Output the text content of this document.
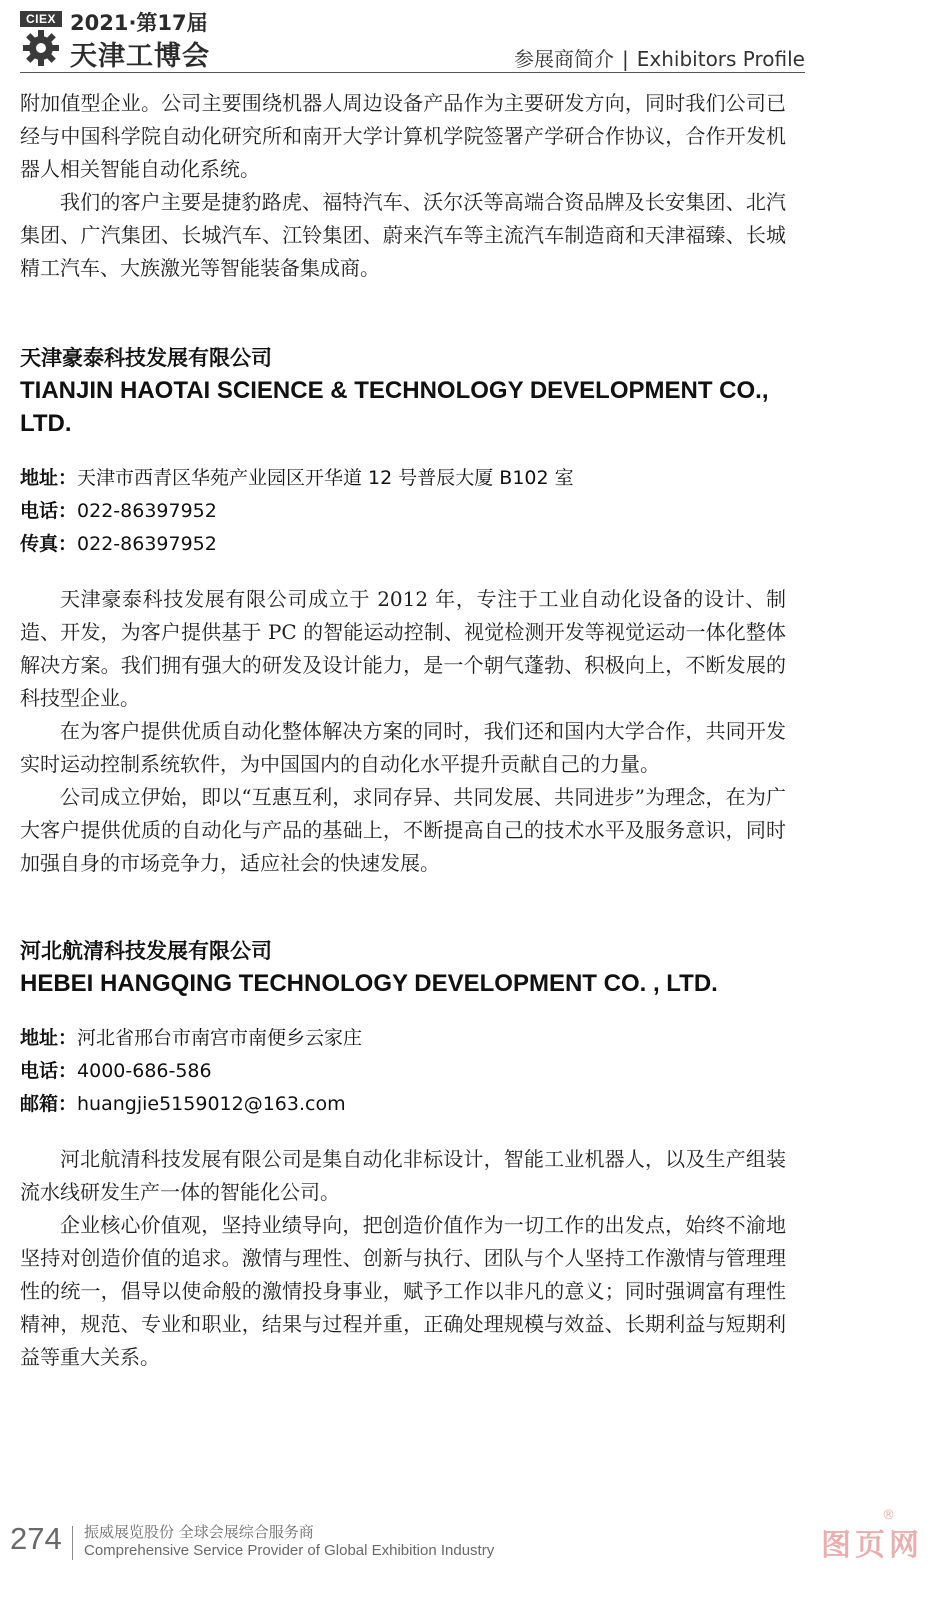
CIEX 2021·第17届
天津工博会	参展商简介 | Exhibitors Profile

附加值型企业。公司主要围绕机器人周边设备产品作为主要研发方向，同时我们公司已经与中国科学院自动化研究所和南开大学计算机学院签署产学研合作协议，合作开发机器人相关智能自动化系统。

我们的客户主要是捷豹路虎、福特汽车、沃尔沃等高端合资品牌及长安集团、北汽集团、广汽集团、长城汽车、江铃集团、蔚来汽车等主流汽车制造商和天津福臻、长城精工汽车、大族激光等智能装备集成商。

天津豪泰科技发展有限公司
TIANJIN HAOTAI SCIENCE & TECHNOLOGY DEVELOPMENT CO., LTD.
地址：天津市西青区华苑产业园区开华道 12 号普辰大厦 B102 室
电话：022-86397952
传真：022-86397952

天津豪泰科技发展有限公司成立于 2012 年，专注于工业自动化设备的设计、制造、开发，为客户提供基于 PC 的智能运动控制、视觉检测开发等视觉运动一体化整体解决方案。我们拥有强大的研发及设计能力，是一个朝气蓬勃、积极向上，不断发展的科技型企业。

在为客户提供优质自动化整体解决方案的同时，我们还和国内大学合作，共同开发实时运动控制系统软件，为中国国内的自动化水平提升贡献自己的力量。

公司成立伊始，即以“互惠互利，求同存异、共同发展、共同进步”为理念，在为广大客户提供优质的自动化与产品的基础上，不断提高自己的技术水平及服务意识，同时加强自身的市场竞争力，适应社会的快速发展。

河北航清科技发展有限公司
HEBEI HANGQING TECHNOLOGY DEVELOPMENT CO. , LTD.
地址：河北省邢台市南宫市南便乡云家庄
电话：4000-686-586
邮箱：huangjie5159012@163.com

河北航清科技发展有限公司是集自动化非标设计，智能工业机器人，以及生产组装流水线研发生产一体的智能化公司。

企业核心价值观，坚持业绩导向，把创造价值作为一切工作的出发点，始终不渝地坚持对创造价值的追求。激情与理性、创新与执行、团队与个人坚持工作激情与管理理性的统一，倡导以使命般的激情投身事业，赋予工作以非凡的意义；同时强调富有理性精神，规范、专业和职业，结果与过程并重，正确处理规模与效益、长期利益与短期利益等重大关系。

274 振威展览股份 全球会展综合服务商
Comprehensive Service Provider of Global Exhibition Industry	图页网
®
